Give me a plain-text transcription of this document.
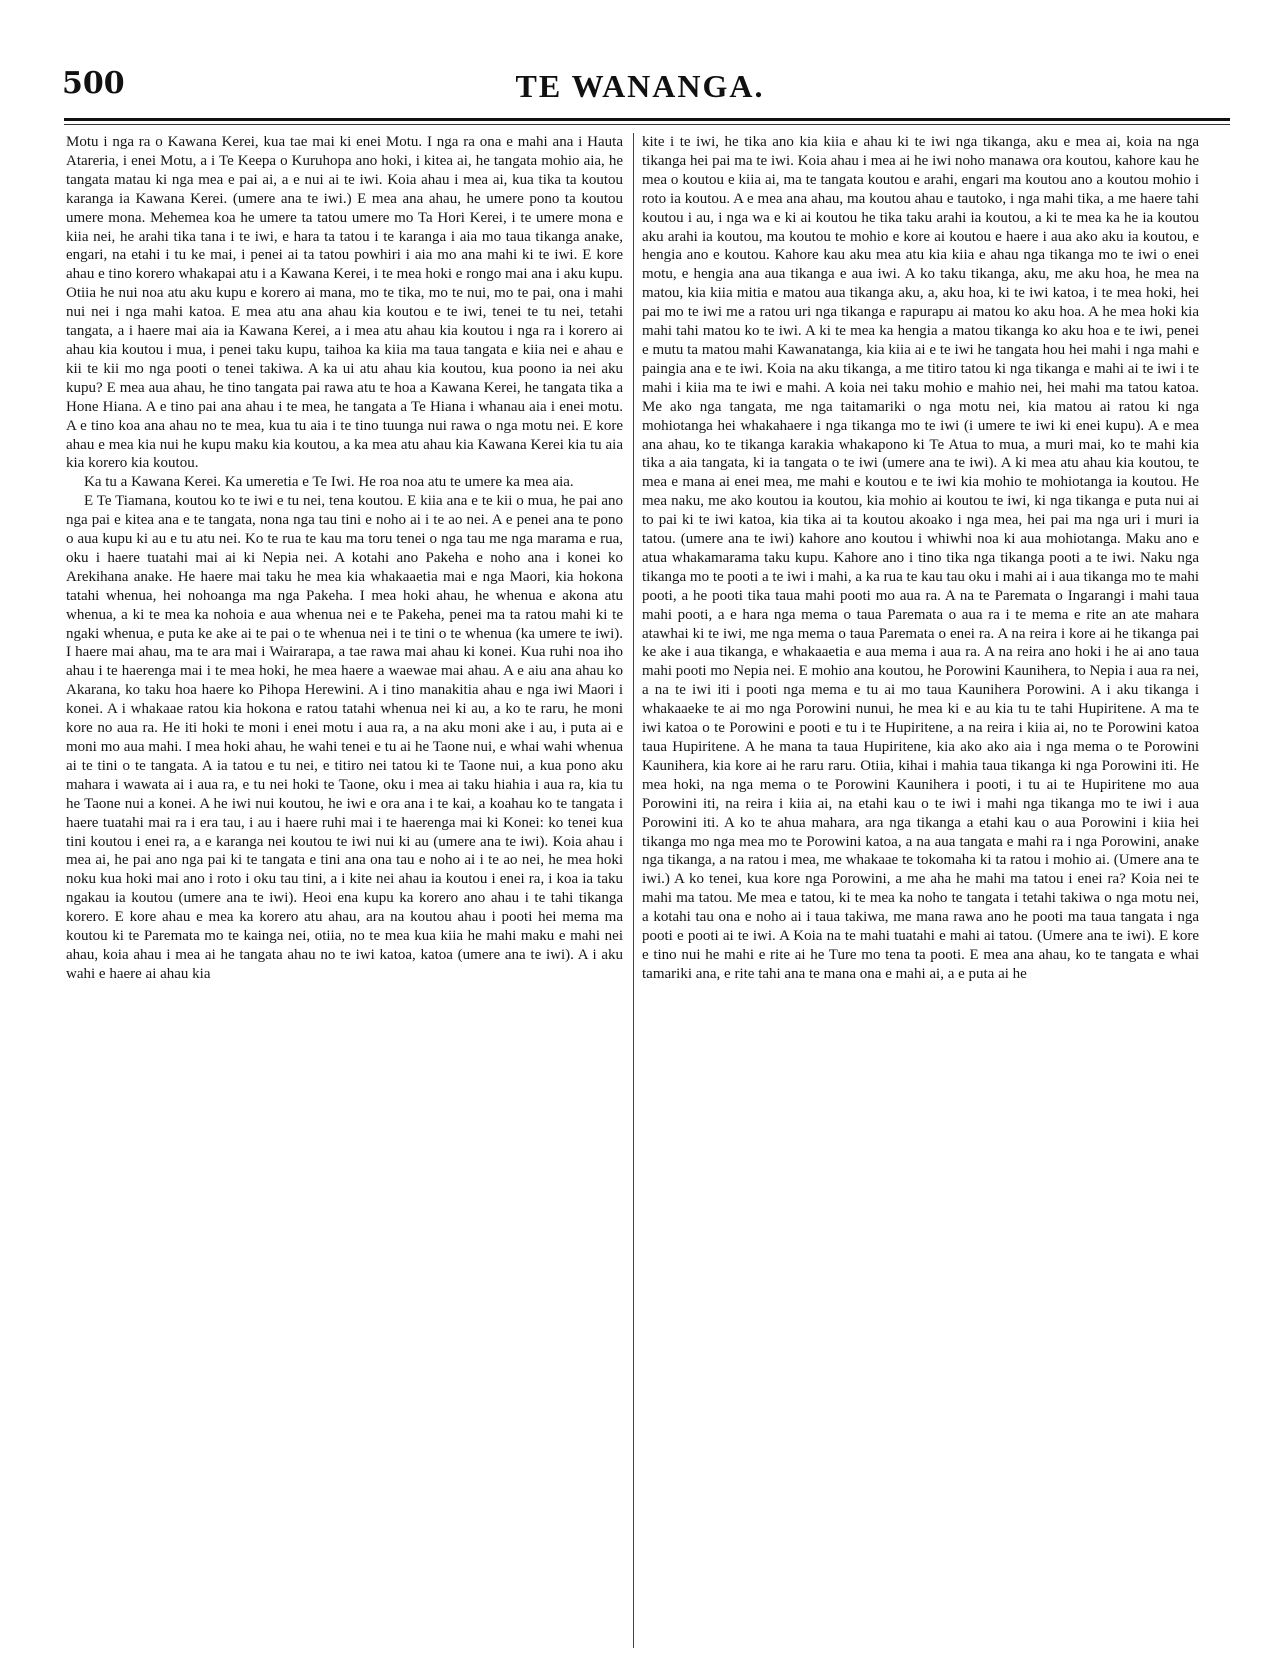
500	TE WANANGA.

Motu i nga ra o Kawana Kerei, kua tae mai ki enei Motu. I nga ra ona e mahi ana i Hauta Atareria, i enei Motu, a i Te Keepa o Kuruhopa ano hoki, i kitea ai, he tangata mohio aia, he tangata matau ki nga mea e pai ai, a e nui ai te iwi. Koia ahau i mea ai, kua tika ta koutou karanga ia Kawana Kerei. (umere ana te iwi.) E mea ana ahau, he umere pono ta koutou umere mona. Mehemea koa he umere ta tatou umere mo Ta Hori Kerei, i te umere mona e kiia nei, he arahi tika tana i te iwi, e hara ta tatou i te karanga i aia mo taua tikanga anake, engari, na etahi i tu ke mai, i penei ai ta tatou powhiri i aia mo ana mahi ki te iwi. E kore ahau e tino korero whakapai atu i a Kawana Kerei, i te mea hoki e rongo mai ana i aku kupu. Otiia he nui noa atu aku kupu e korero ai mana, mo te tika, mo te nui, mo te pai, ona i mahi nui nei i nga mahi katoa. E mea atu ana ahau kia koutou e te iwi, tenei te tu nei, tetahi tangata, a i haere mai aia ia Kawana Kerei, a i mea atu ahau kia koutou i nga ra i korero ai ahau kia koutou i mua, i penei taku kupu, taihoa ka kiia ma taua tangata e kiia nei e ahau e kii te kii mo nga pooti o tenei takiwa. A ka ui atu ahau kia koutou, kua poono ia nei aku kupu? E mea aua ahau, he tino tangata pai rawa atu te hoa a Kawana Kerei, he tangata tika a Hone Hiana. A e tino pai ana ahau i te mea, he tangata a Te Hiana i whanau aia i enei motu. A e tino koa ana ahau no te mea, kua tu aia i te tino tuunga nui rawa o nga motu nei. E kore ahau e mea kia nui he kupu maku kia koutou, a ka mea atu ahau kia Kawana Kerei kia tu aia kia korero kia koutou.

Ka tu a Kawana Kerei. Ka umeretia e Te Iwi. He roa noa atu te umere ka mea aia.

E Te Tiamana, koutou ko te iwi e tu nei, tena koutou. E kiia ana e te kii o mua, he pai ano nga pai e kitea ana e te tangata, nona nga tau tini e noho ai i te ao nei. A e penei ana te pono o aua kupu ki au e tu atu nei. Ko te rua te kau ma toru tenei o nga tau me nga marama e rua, oku i haere tuatahi mai ai ki Nepia nei. A kotahi ano Pakeha e noho ana i konei ko Arekihana anake. He haere mai taku he mea kia whakaaetia mai e nga Maori, kia hokona tatahi whenua, hei nohoanga ma nga Pakeha. I mea hoki ahau, he whenua e akona atu whenua, a ki te mea ka nohoia e aua whenua nei e te Pakeha, penei ma ta ratou mahi ki te ngaki whenua, e puta ke ake ai te pai o te whenua nei i te tini o te whenua (ka umere te iwi). I haere mai ahau, ma te ara mai i Wairarapa, a tae rawa mai ahau ki konei. Kua ruhi noa iho ahau i te haerenga mai i te mea hoki, he mea haere a waewae mai ahau. A e aiu ana ahau ko Akarana, ko taku hoa haere ko Pihopa Herewini. A i tino manakitia ahau e nga iwi Maori i konei. A i whakaae ratou kia hokona e ratou tatahi whenua nei ki au, a ko te raru, he moni kore no aua ra. He iti hoki te moni i enei motu i aua ra, a na aku moni ake i au, i puta ai e moni mo aua mahi. I mea hoki ahau, he wahi tenei e tu ai he Taone nui, e whai wahi whenua ai te tini o te tangata. A ia tatou e tu nei, e titiro nei tatou ki te Taone nui, a kua pono aku mahara i wawata ai i aua ra, e tu nei hoki te Taone, oku i mea ai taku hiahia i aua ra, kia tu he Taone nui a konei. A he iwi nui koutou, he iwi e ora ana i te kai, a koahau ko te tangata i haere tuatahi mai ra i era tau, i au i haere ruhi mai i te haerenga mai ki Konei: ko tenei kua tini koutou i enei ra, a e karanga nei koutou te iwi nui ki au (umere ana te iwi). Koia ahau i mea ai, he pai ano nga pai ki te tangata e tini ana ona tau e noho ai i te ao nei, he mea hoki noku kua hoki mai ano i roto i oku tau tini, a i kite nei ahau ia koutou i enei ra, i koa ia taku ngakau ia koutou (umere ana te iwi). Heoi ena kupu ka korero ano ahau i te tahi tikanga korero. E kore ahau e mea ka korero atu ahau, ara na koutou ahau i pooti hei mema ma koutou ki te Paremata mo te kainga nei, otiia, no te mea kua kiia he mahi maku e mahi nei ahau, koia ahau i mea ai he tangata ahau no te iwi katoa, katoa (umere ana te iwi). A i aku wahi e haere ai ahau kia

kite i te iwi, he tika ano kia kiia e ahau ki te iwi nga tikanga, aku e mea ai, koia na nga tikanga hei pai ma te iwi. Koia ahau i mea ai he iwi noho manawa ora koutou, kahore kau he mea o koutou e kiia ai, ma te tangata koutou e arahi, engari ma koutou ano a koutou mohio i roto ia koutou. A e mea ana ahau, ma koutou ahau e tautoko, i nga mahi tika, a me haere tahi koutou i au, i nga wa e ki ai koutou he tika taku arahi ia koutou, a ki te mea ka he ia koutou aku arahi ia koutou, ma koutou te mohio e kore ai koutou e haere i aua ako aku ia koutou, e hengia ano e koutou. Kahore kau aku mea atu kia kiia e ahau nga tikanga mo te iwi o enei motu, e hengia ana aua tikanga e aua iwi. A ko taku tikanga, aku, me aku hoa, he mea na matou, kia kiia mitia e matou aua tikanga aku, a, aku hoa, ki te iwi katoa, i te mea hoki, hei pai mo te iwi me a ratou uri nga tikanga e rapurapu ai matou ko aku hoa. A he mea hoki kia mahi tahi matou ko te iwi. A ki te mea ka hengia a matou tikanga ko aku hoa e te iwi, penei e mutu ta matou mahi Kawanatanga, kia kiia ai e te iwi he tangata hou hei mahi i nga mahi e paingia ana e te iwi. Koia na aku tikanga, a me titiro tatou ki nga tikanga e mahi ai te iwi i te mahi i kiia ma te iwi e mahi. A koia nei taku mohio e mahio nei, hei mahi ma tatou katoa. Me ako nga tangata, me nga taitamariki o nga motu nei, kia matou ai ratou ki nga mohiotanga hei whakahaere i nga tikanga mo te iwi (i umere te iwi ki enei kupu). A e mea ana ahau, ko te tikanga karakia whakapono ki Te Atua to mua, a muri mai, ko te mahi kia tika a aia tangata, ki ia tangata o te iwi (umere ana te iwi). A ki mea atu ahau kia koutou, te mea e mana ai enei mea, me mahi e koutou e te iwi kia mohio te mohiotanga ia koutou. He mea naku, me ako koutou ia koutou, kia mohio ai koutou te iwi, ki nga tikanga e puta nui ai to pai ki te iwi katoa, kia tika ai ta koutou akoako i nga mea, hei pai ma nga uri i muri ia tatou. (umere ana te iwi) kahore ano koutou i whiwhi noa ki aua mohiotanga. Maku ano e atua whakamarama taku kupu. Kahore ano i tino tika nga tikanga pooti a te iwi. Naku nga tikanga mo te pooti a te iwi i mahi, a ka rua te kau tau oku i mahi ai i aua tikanga mo te mahi pooti, a he pooti tika taua mahi pooti mo aua ra. A na te Paremata o Ingarangi i mahi taua mahi pooti, a e hara nga mema o taua Paremata o aua ra i te mema e rite an ate mahara atawhai ki te iwi, me nga mema o taua Paremata o enei ra. A na reira i kore ai he tikanga pai ke ake i aua tikanga, e whakaaetia e aua mema i aua ra. A na reira ano hoki i he ai ano taua mahi pooti mo Nepia nei. E mohio ana koutou, he Porowini Kaunihera, to Nepia i aua ra nei, a na te iwi iti i pooti nga mema e tu ai mo taua Kaunihera Porowini. A i aku tikanga i whakaaeke te ai mo nga Porowini nunui, he mea ki e au kia tu te tahi Hupiritene. A ma te iwi katoa o te Porowini e pooti e tu i te Hupiritene, a na reira i kiia ai, no te Porowini katoa taua Hupiritene. A he mana ta taua Hupiritene, kia ako ako aia i nga mema o te Porowini Kaunihera, kia kore ai he raru raru. Otiia, kihai i mahia taua tikanga ki nga Porowini iti. He mea hoki, na nga mema o te Porowini Kaunihera i pooti, i tu ai te Hupiritene mo aua Porowini iti, na reira i kiia ai, na etahi kau o te iwi i mahi nga tikanga mo te iwi i aua Porowini iti. A ko te ahua mahara, ara nga tikanga a etahi kau o aua Porowini i kiia hei tikanga mo nga mea mo te Porowini katoa, a na aua tangata e mahi ra i nga Porowini, anake nga tikanga, a na ratou i mea, me whakaae te tokomaha ki ta ratou i mohio ai. (Umere ana te iwi.) A ko tenei, kua kore nga Porowini, a me aha he mahi ma tatou i enei ra? Koia nei te mahi ma tatou. Me mea e tatou, ki te mea ka noho te tangata i tetahi takiwa o nga motu nei, a kotahi tau ona e noho ai i taua takiwa, me mana rawa ano he pooti ma taua tangata i nga pooti e pooti ai te iwi. A Koia na te mahi tuatahi e mahi ai tatou. (Umere ana te iwi). E kore e tino nui he mahi e rite ai he Ture mo tena ta pooti. E mea ana ahau, ko te tangata e whai tamariki ana, e rite tahi ana te mana ona e mahi ai, a e puta ai he
